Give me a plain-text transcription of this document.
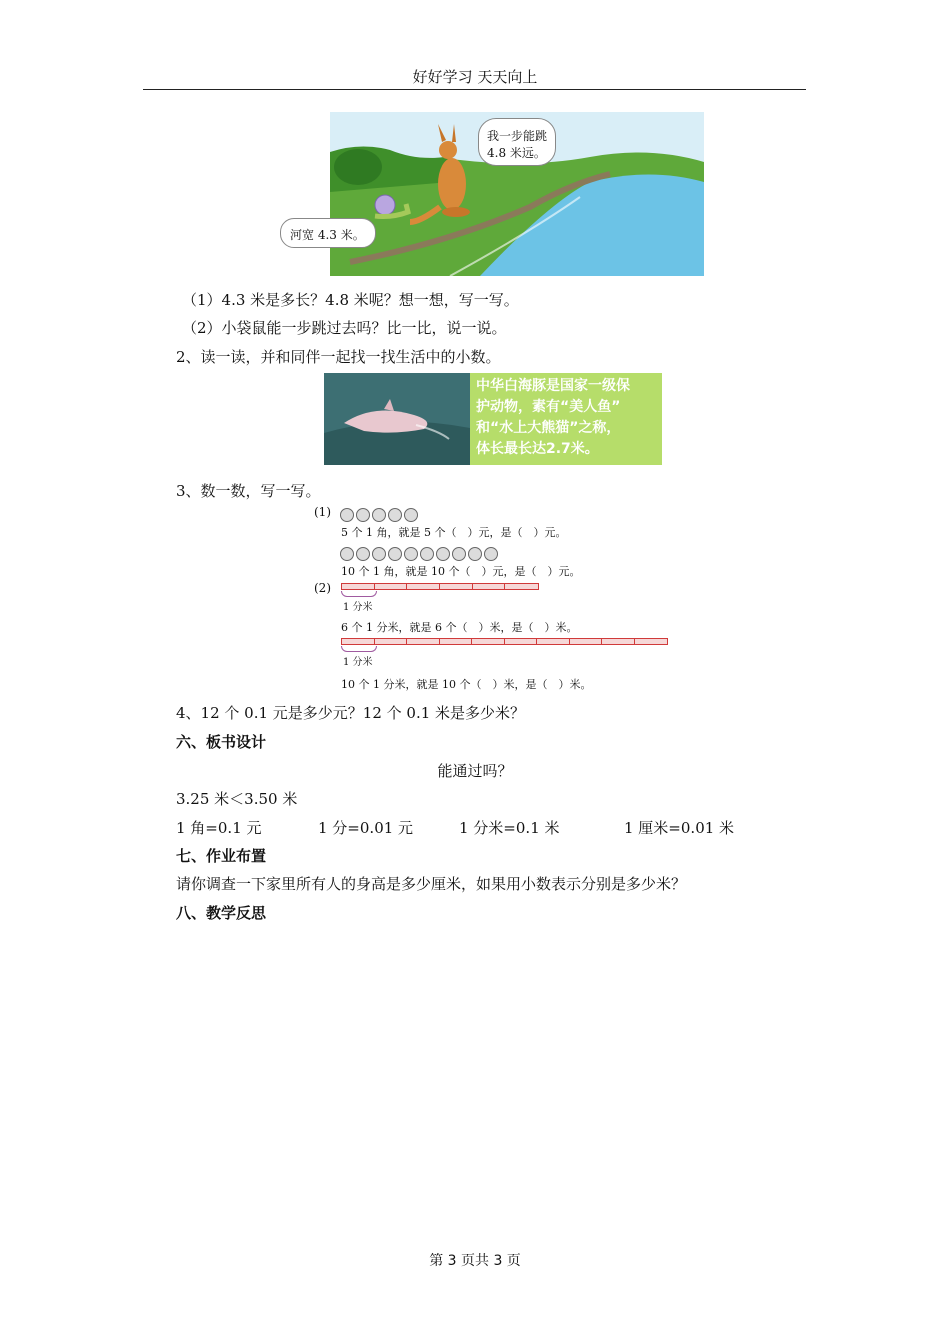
好好学习 天天向上
我一步能跳
4.8 米远。
河宽 4.3 米。
（1）4.3 米是多长？4.8 米呢？想一想，写一写。
（2）小袋鼠能一步跳过去吗？比一比，说一说。
2、读一读，并和同伴一起找一找生活中的小数。
中华白海豚是国家一级保
护动物，素有“美人鱼”
和“水上大熊猫”之称，
体长最长达2.7米。
3、数一数，写一写。
(1)
5 个 1 角，就是 5 个（　）元，是（　）元。
10 个 1 角，就是 10 个（　）元，是（　）元。
(2)
1 分米
6 个 1 分米，就是 6 个（　）米，是（　）米。
1 分米
10 个 1 分米，就是 10 个（　）米，是（　）米。
4、12 个 0.1 元是多少元？12 个 0.1 米是多少米？
六、板书设计
能通过吗？
3.25 米＜3.50 米
1 角=0.1 元	1 分=0.01 元	1 分米=0.1 米	1 厘米=0.01 米
七、作业布置
请你调查一下家里所有人的身高是多少厘米，如果用小数表示分别是多少米？
八、教学反思
第 3 页共 3 页
